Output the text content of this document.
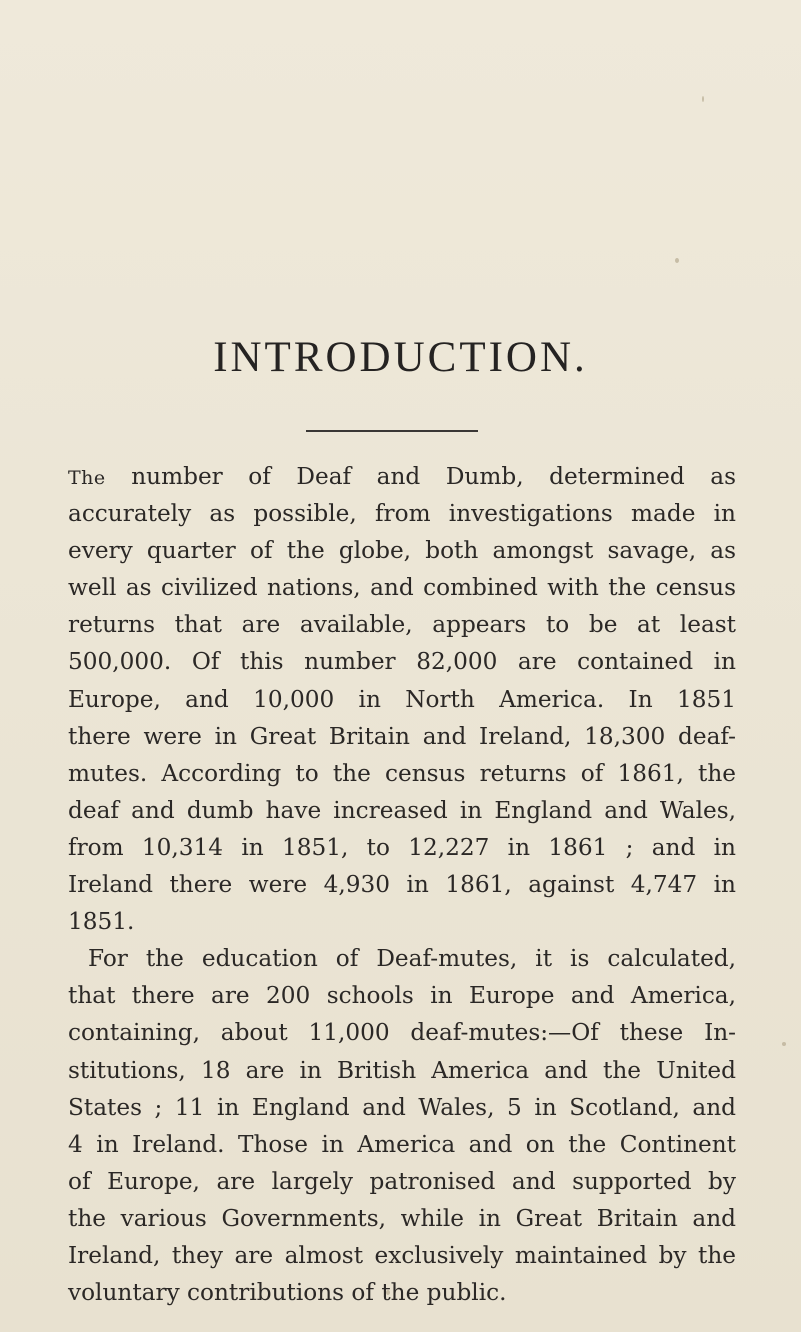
INTRODUCTION.
The number of Deaf and Dumb, determined as
accurately as possible, from investigations made in
every quarter of the globe, both amongst savage, as
well as civilized nations, and combined with the census
returns that are available, appears to be at least
500,000. Of this number 82,000 are contained in
Europe, and 10,000 in North America. In 1851
there were in Great Britain and Ireland, 18,300 deaf-
mutes. According to the census returns of 1861, the
deaf and dumb have increased in England and Wales,
from 10,314 in 1851, to 12,227 in 1861 ; and in
Ireland there were 4,930 in 1861, against 4,747 in
1851.
For the education of Deaf-mutes, it is calculated,
that there are 200 schools in Europe and America,
containing, about 11,000 deaf-mutes:—Of these In-
stitutions, 18 are in British America and the United
States ; 11 in England and Wales, 5 in Scotland, and
4 in Ireland. Those in America and on the Continent
of Europe, are largely patronised and supported by
the various Governments, while in Great Britain and
Ireland, they are almost exclusively maintained by the
voluntary contributions of the public.
